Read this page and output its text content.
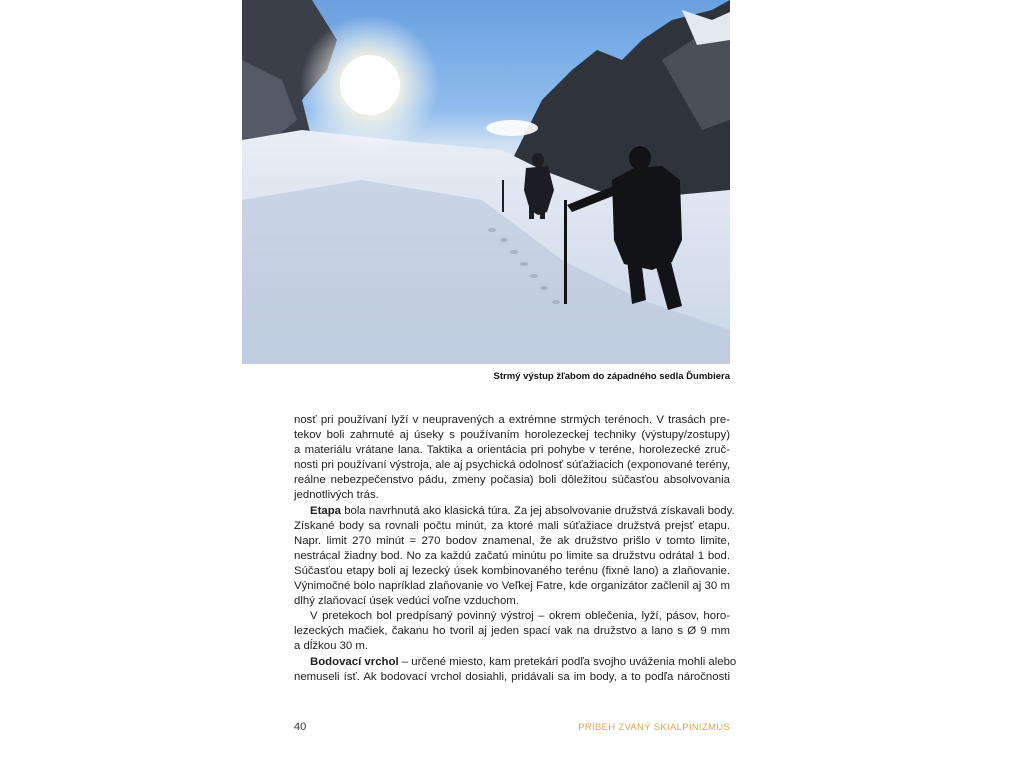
Strmý výstup žľabom do západného sedla Ďumbiera
nosť pri používaní lyží v neupravených a extrémne strmých terénoch. V trasách pre-
tekov boli zahrnuté aj úseky s používaním horolezeckej techniky (výstupy/zostupy)
a materiálu vrátane lana. Taktika a orientácia pri pohybe v teréne, horolezecké zruč-
nosti pri používaní výstroja, ale aj psychická odolnosť súťažiacich (exponované terény,
reálne nebezpečenstvo pádu, zmeny počasia) boli dôležitou súčasťou absolvovania
jednotlivých trás.
Etapa bola navrhnutá ako klasická túra. Za jej absolvovanie družstvá získavali body.
Získané body sa rovnali počtu minút, za ktoré mali súťažiace družstvá prejsť etapu.
Napr. limit 270 minút = 270 bodov znamenal, že ak družstvo prišlo v tomto limite,
nestrácal žiadny bod. No za každú začatú minútu po limite sa družstvu odrátal 1 bod.
Súčasťou etapy boli aj lezecký úsek kombinovaného terénu (fixné lano) a zlaňovanie.
Výnimočné bolo napríklad zlaňovanie vo Veľkej Fatre, kde organizátor začlenil aj 30 m
dlhý zlaňovací úsek vedúci voľne vzduchom.
V pretekoch bol predpísaný povinný výstroj – okrem oblečenia, lyží, pásov, horo-
lezeckých mačiek, čakanu ho tvoril aj jeden spací vak na družstvo a lano s Ø 9 mm
a dĺžkou 30 m.
Bodovací vrchol – určené miesto, kam pretekári podľa svojho uváženia mohli alebo
nemuseli ísť. Ak bodovací vrchol dosiahli, pridávali sa im body, a to podľa náročnosti
40	PRÍBEH ZVANÝ SKIALPINIZMUS
